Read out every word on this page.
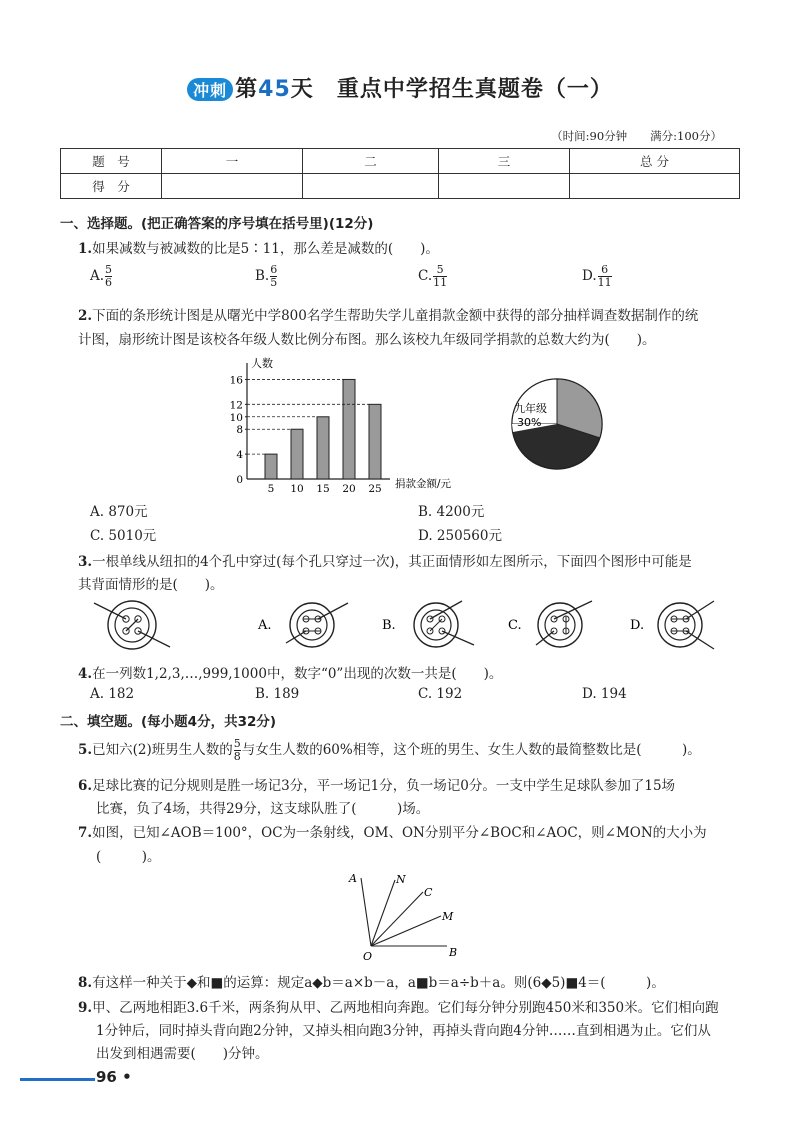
冲刺 第45天　 重点中学招生真题卷（一）
（时间:90分钟　　满分:100分）
题　号	一	二	三	总 分
得　分				
一、选择题。(把正确答案的序号填在括号里)(12分)
1.如果减数与被减数的比是5∶11，那么差是减数的(　　)。
A. $\frac{5}{6}$	B. $\frac{6}{5}$	C. $\frac{5}{11}$	D. $\frac{6}{11}$
2.下面的条形统计图是从曙光中学800名学生帮助失学儿童捐款金额中获得的部分抽样调查数据制作的统
计图，扇形统计图是该校各年级人数比例分布图。那么该校九年级同学捐款的总数大约为(　　)。
人数
16
12
10
8
4
0
5 10 15 20 25 捐款金额/元
九年级
30%
A. 870元	B. 4200元
C. 5010元	D. 250560元
3.一根单线从纽扣的4个孔中穿过(每个孔只穿过一次)，其正面情形如左图所示，下面四个图形中可能是
其背面情形的是(　　)。
A.	B.	C.	D.
4.在一列数1,2,3,…,999,1000中，数字“0”出现的次数一共是(　　)。
A. 182	B. 189	C. 192	D. 194
二、填空题。(每小题4分，共32分)
5.已知六(2)班男生人数的 $\frac{5}{8}$ 与女生人数的60%相等，这个班的男生、女生人数的最简整数比是(　　　)。
6.足球比赛的记分规则是胜一场记3分，平一场记1分，负一场记0分。一支中学生足球队参加了15场
比赛，负了4场，共得29分，这支球队胜了(　　　)场。
7.如图，已知∠AOB＝100°，OC为一条射线，OM、ON分别平分∠BOC和∠AOC，则∠MON的大小为
(　　　)。
A	N
C
M
O	B
8.有这样一种关于◆和■的运算：规定a◆b＝a×b－a，a■b＝a÷b＋a。则(6◆5)■4＝(　　　)。
9.甲、乙两地相距3.6千米，两条狗从甲、乙两地相向奔跑。它们每分钟分别跑450米和350米。它们相向跑
1分钟后，同时掉头背向跑2分钟，又掉头相向跑3分钟，再掉头背向跑4分钟……直到相遇为止。它们从
出发到相遇需要(　　)分钟。
96 •
